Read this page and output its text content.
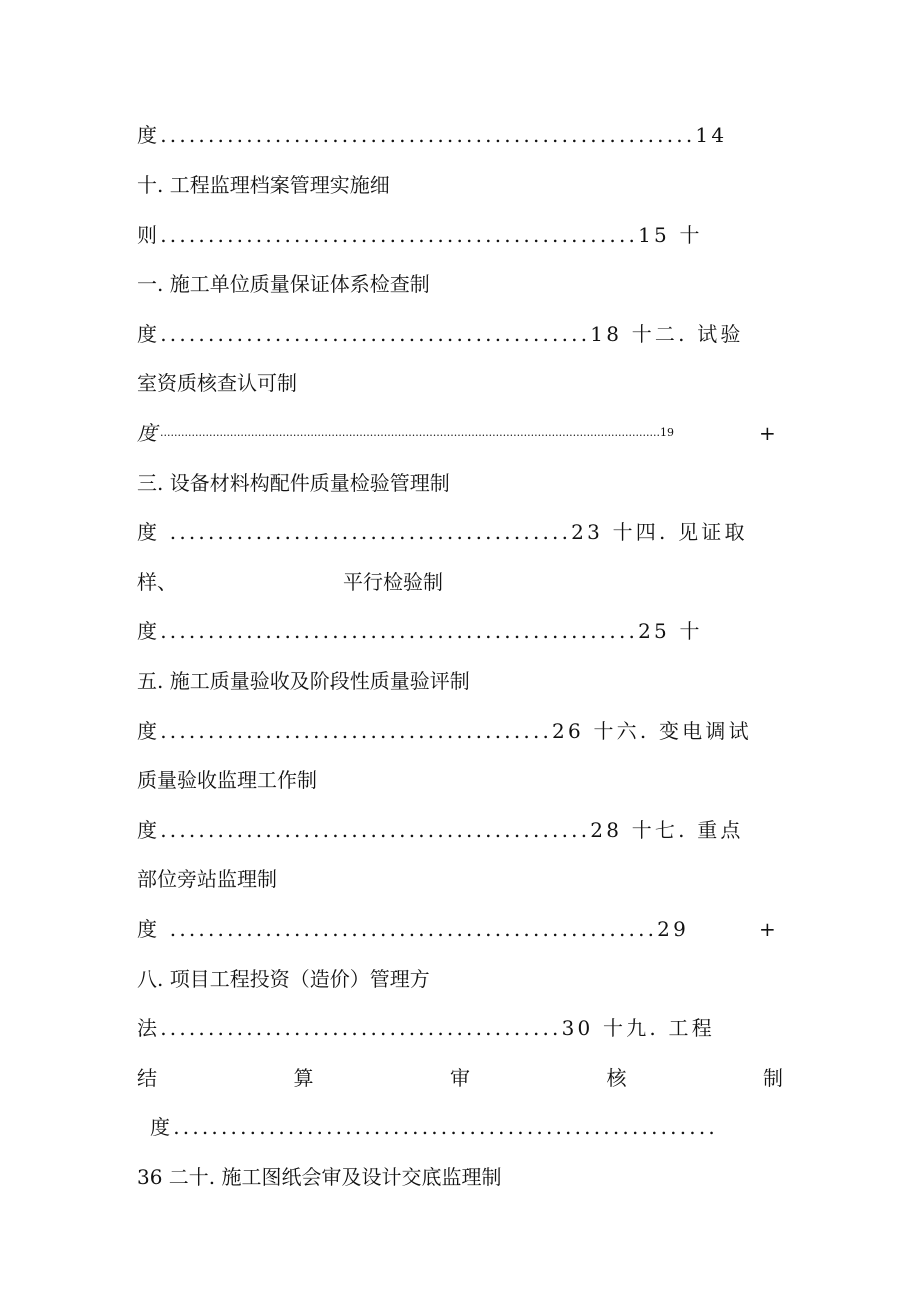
度........................................................14
十. 工程监理档案管理实施细
则..................................................15 十
一. 施工单位质量保证体系检查制
度.............................................18 十二. 试验
室资质核查认可制
度 ...............................................................................................................................................19	+
三. 设备材料构配件质量检验管理制
度 ..........................................23 十四. 见证取
样、	平行检验制
度..................................................25 十
五. 施工质量验收及阶段性质量验评制
度.........................................26 十六. 变电调试
质量验收监理工作制
度.............................................28 十七. 重点
部位旁站监理制
度 ...................................................29	+
八. 项目工程投资（造价）管理方
法..........................................30 十九. 工程
结	算	审	核	制
度.........................................................
36 二十. 施工图纸会审及设计交底监理制
